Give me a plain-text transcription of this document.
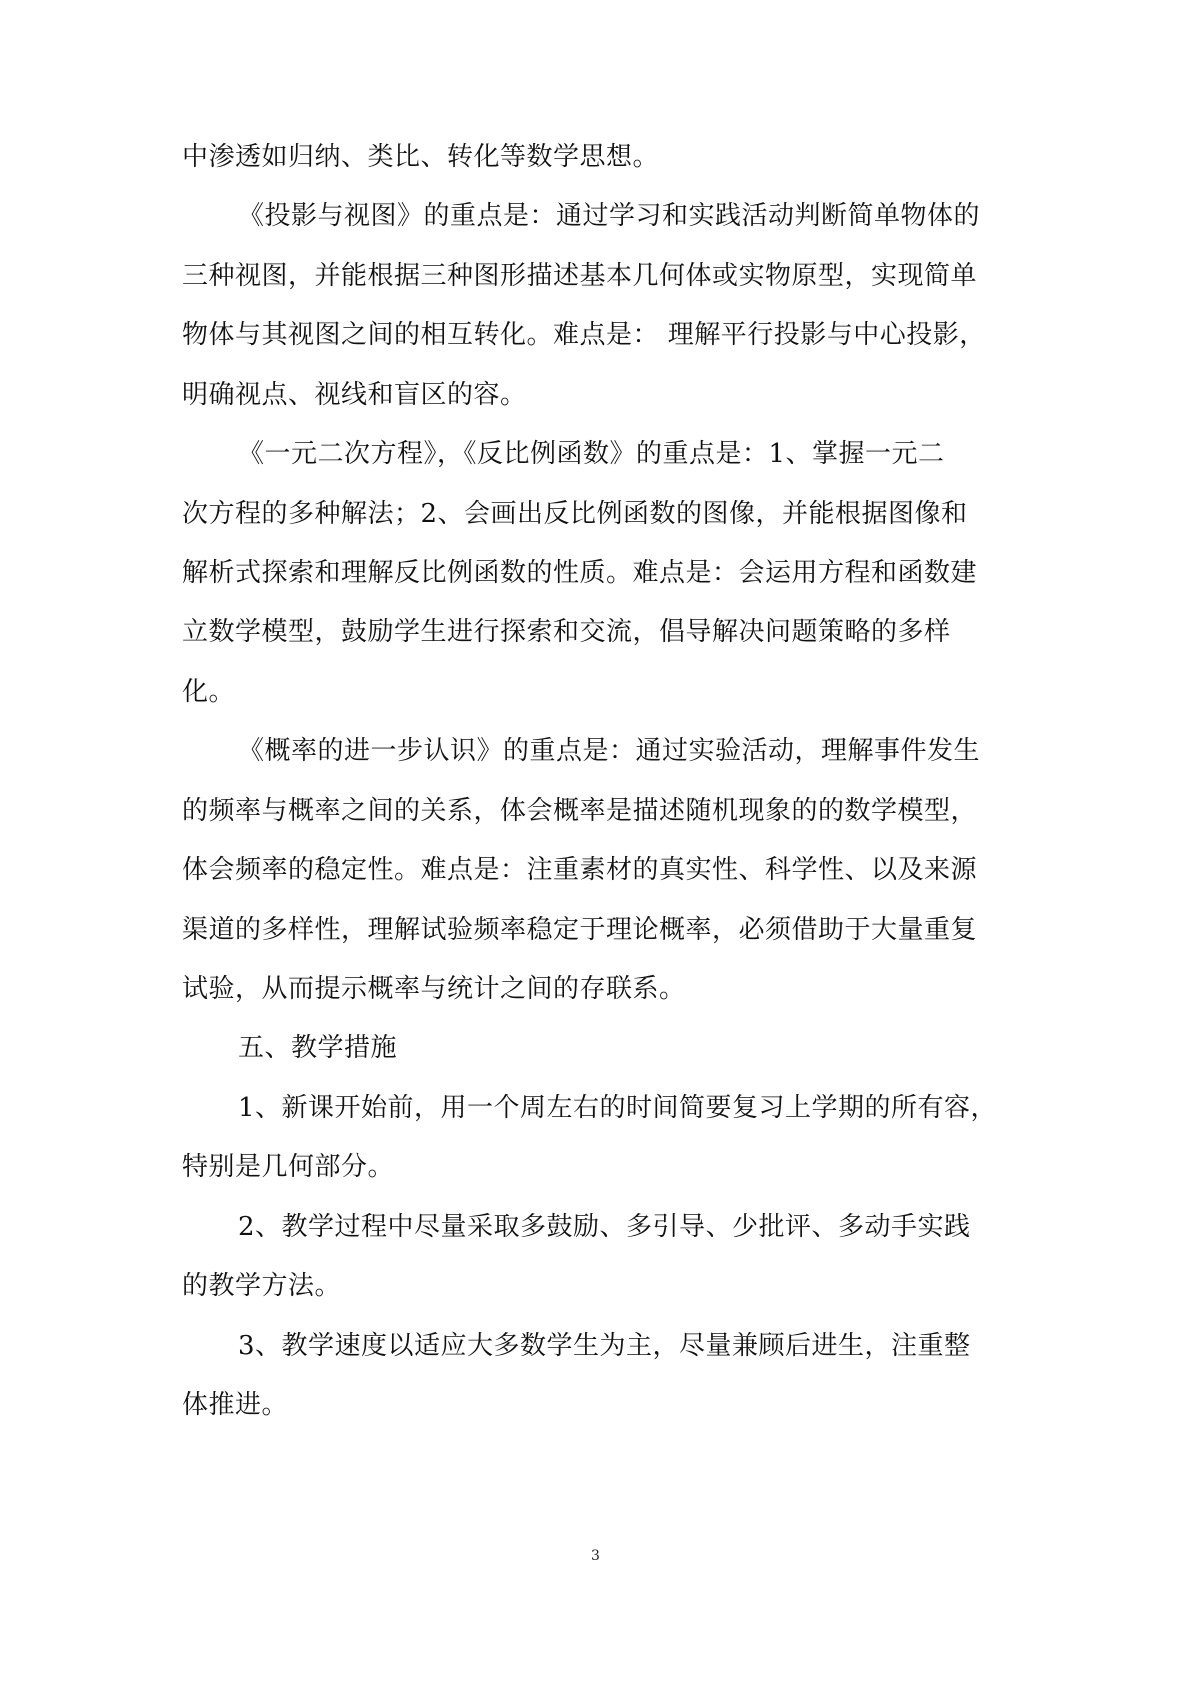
中渗透如归纳、类比、转化等数学思想。
《投影与视图》的重点是：通过学习和实践活动判断简单物体的
三种视图，并能根据三种图形描述基本几何体或实物原型，实现简单
物体与其视图之间的相互转化。难点是： 理解平行投影与中心投影，
明确视点、视线和盲区的容。
《一元二次方程》，《反比例函数》的重点是：1、掌握一元二
次方程的多种解法；2、会画出反比例函数的图像，并能根据图像和
解析式探索和理解反比例函数的性质。难点是：会运用方程和函数建
立数学模型，鼓励学生进行探索和交流，倡导解决问题策略的多样
化。
《概率的进一步认识》的重点是：通过实验活动，理解事件发生
的频率与概率之间的关系，体会概率是描述随机现象的的数学模型，
体会频率的稳定性。难点是：注重素材的真实性、科学性、以及来源
渠道的多样性，理解试验频率稳定于理论概率，必须借助于大量重复
试验，从而提示概率与统计之间的存联系。
五、教学措施
1、新课开始前，用一个周左右的时间简要复习上学期的所有容，
特别是几何部分。
2、教学过程中尽量采取多鼓励、多引导、少批评、多动手实践
的教学方法。
3、教学速度以适应大多数学生为主，尽量兼顾后进生，注重整
体推进。
3
